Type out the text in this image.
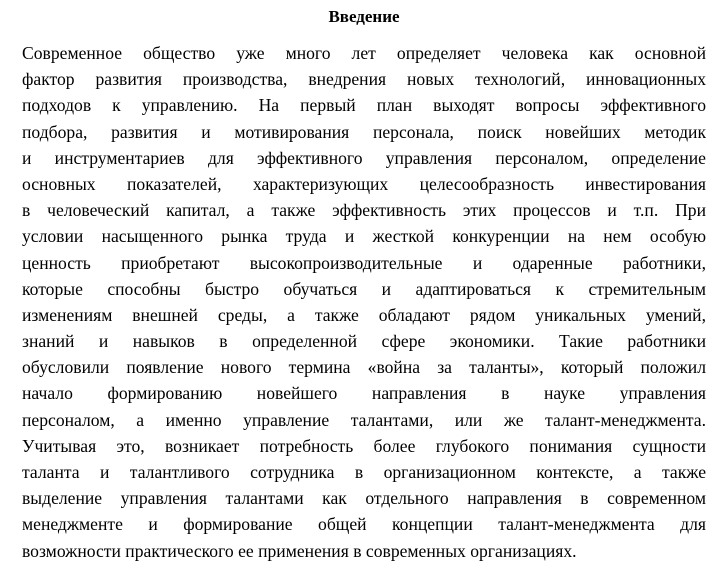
Введение
Современное общество уже много лет определяет человека как основной
фактор развития производства, внедрения новых технологий, инновационных
подходов к управлению. На первый план выходят вопросы эффективного
подбора, развития и мотивирования персонала, поиск новейших методик
и инструментариев для эффективного управления персоналом, определение
основных показателей, характеризующих целесообразность инвестирования
в человеческий капитал, а также эффективность этих процессов и т.п. При
условии насыщенного рынка труда и жесткой конкуренции на нем особую
ценность приобретают высокопроизводительные и одаренные работники,
которые способны быстро обучаться и адаптироваться к стремительным
изменениям внешней среды, а также обладают рядом уникальных умений,
знаний и навыков в определенной сфере экономики. Такие работники
обусловили появление нового термина «война за таланты», который положил
начало формированию новейшего направления в науке управления
персоналом, а именно управление талантами, или же талант-менеджмента.
Учитывая это, возникает потребность более глубокого понимания сущности
таланта и талантливого сотрудника в организационном контексте, а также
выделение управления талантами как отдельного направления в современном
менеджменте и формирование общей концепции талант-менеджмента для
возможности практического ее применения в современных организациях.
